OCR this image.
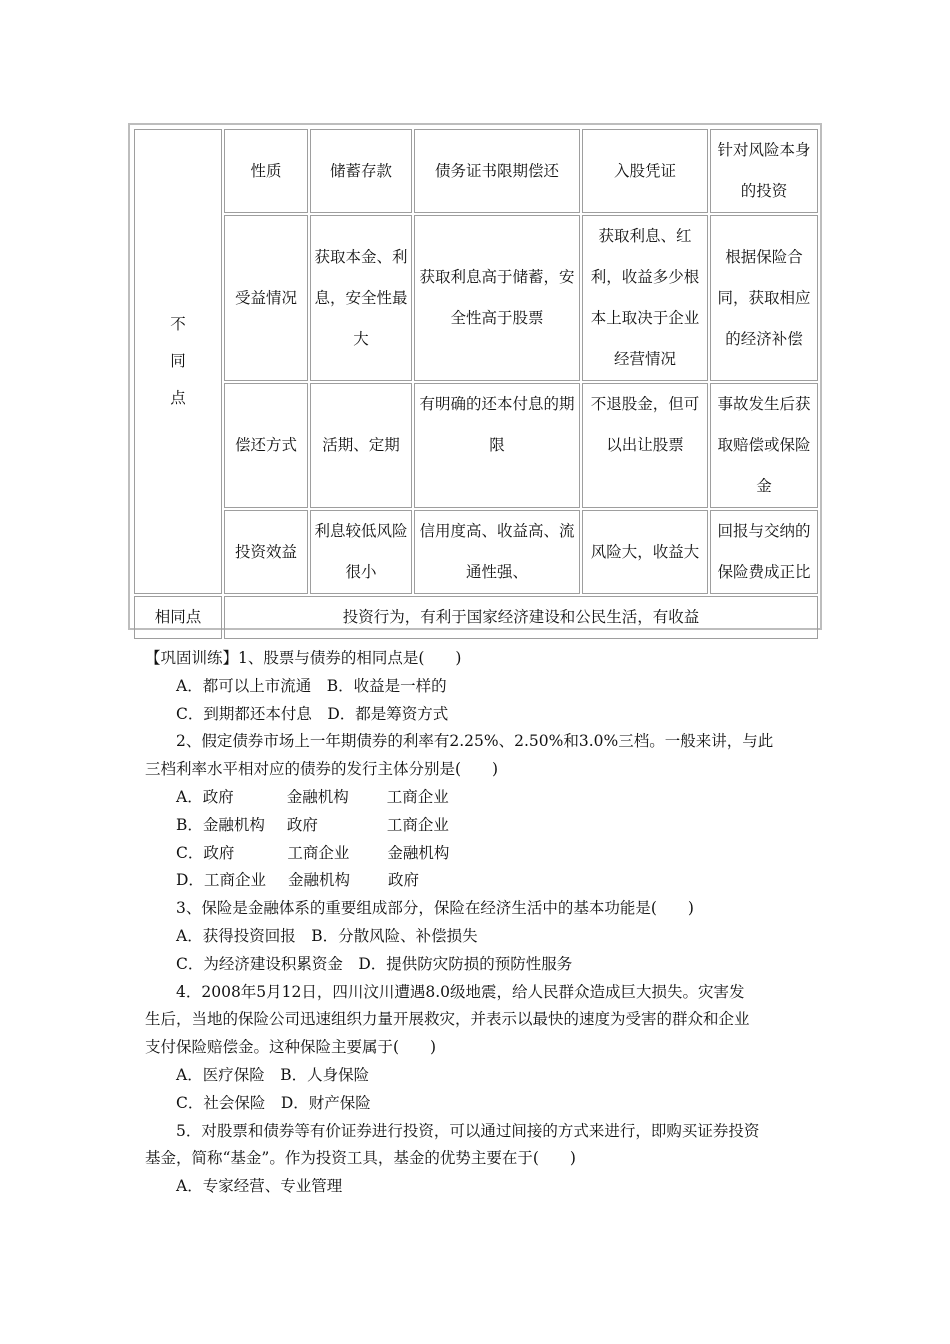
不
同
点	性质	储蓄存款	债务证书限期偿还	入股凭证	针对风险本身的投资
	受益情况	获取本金、利息，安全性最大	获取利息高于储蓄，安全性高于股票	获取利息、红利，收益多少根本上取决于企业经营情况	根据保险合同，获取相应的经济补偿
	偿还方式	活期、定期	有明确的还本付息的期限	不退股金，但可以出让股票	事故发生后获取赔偿或保险金
	投资效益	利息较低风险很小	信用度高、收益高、流通性强、	风险大，收益大	回报与交纳的保险费成正比
相同点	投资行为，有利于国家经济建设和公民生活，有收益				

【巩固训练】1、股票与债券的相同点是(　　)

A．都可以上市流通　B．收益是一样的

C．到期都还本付息　D．都是筹资方式

2、假定债券市场上一年期债券的利率有2.25%、2.50%和3.0%三档。一般来讲，与此

三档利率水平相对应的债券的发行主体分别是(　　)

A．政府	金融机构 工商企业

B．金融机构 政府	工商企业

C．政府	工商企业 金融机构

D．工商企业 金融机构 政府

3、保险是金融体系的重要组成部分，保险在经济生活中的基本功能是(　　)

A．获得投资回报　B．分散风险、补偿损失

C．为经济建设积累资金　D．提供防灾防损的预防性服务

4．2008年5月12日，四川汶川遭遇8.0级地震，给人民群众造成巨大损失。灾害发

生后，当地的保险公司迅速组织力量开展救灾，并表示以最快的速度为受害的群众和企业

支付保险赔偿金。这种保险主要属于(　　)

A．医疗保险　B．人身保险

C．社会保险　D．财产保险

5．对股票和债券等有价证券进行投资，可以通过间接的方式来进行，即购买证券投资

基金，简称“基金”。作为投资工具，基金的优势主要在于(　　)

A．专家经营、专业管理
